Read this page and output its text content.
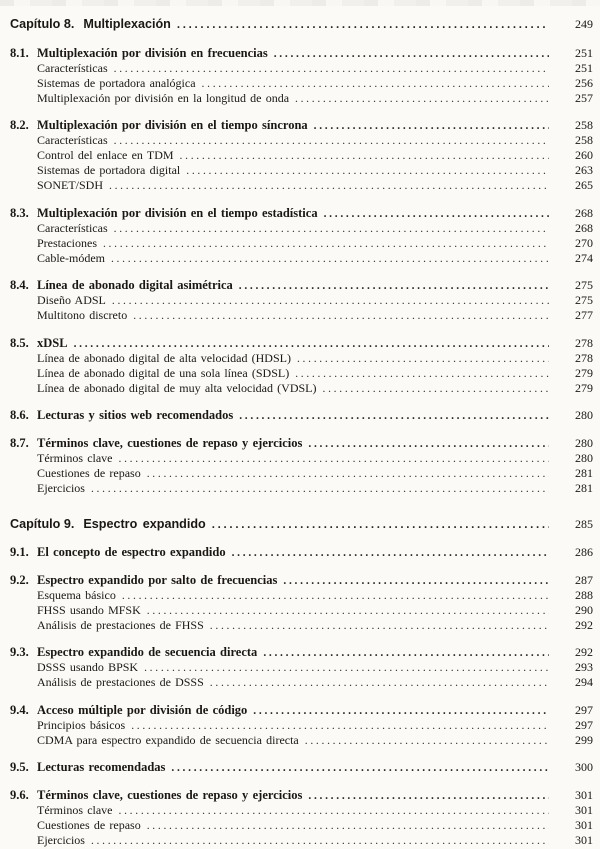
Capítulo 8. Multiplexación .....	249
8.1. Multiplexación por división en frecuencias .....	251
Características .....	251
Sistemas de portadora analógica .....	256
Multiplexación por división en la longitud de onda .....	257
8.2. Multiplexación por división en el tiempo síncrona .....	258
Características .....	258
Control del enlace en TDM .....	260
Sistemas de portadora digital .....	263
SONET/SDH .....	265
8.3. Multiplexación por división en el tiempo estadística .....	268
Características .....	268
Prestaciones .....	270
Cable-módem .....	274
8.4. Línea de abonado digital asimétrica .....	275
Diseño ADSL .....	275
Multitono discreto .....	277
8.5. xDSL .....	278
Línea de abonado digital de alta velocidad (HDSL) .....	278
Línea de abonado digital de una sola línea (SDSL) .....	279
Línea de abonado digital de muy alta velocidad (VDSL) .....	279
8.6. Lecturas y sitios web recomendados .....	280
8.7. Términos clave, cuestiones de repaso y ejercicios .....	280
Términos clave .....	280
Cuestiones de repaso .....	281
Ejercicios .....	281
Capítulo 9. Espectro expandido .....	285
9.1. El concepto de espectro expandido .....	286
9.2. Espectro expandido por salto de frecuencias .....	287
Esquema básico .....	288
FHSS usando MFSK .....	290
Análisis de prestaciones de FHSS .....	292
9.3. Espectro expandido de secuencia directa .....	292
DSSS usando BPSK .....	293
Análisis de prestaciones de DSSS .....	294
9.4. Acceso múltiple por división de código .....	297
Principios básicos .....	297
CDMA para espectro expandido de secuencia directa .....	299
9.5. Lecturas recomendadas .....	300
9.6. Términos clave, cuestiones de repaso y ejercicios .....	301
Términos clave .....	301
Cuestiones de repaso .....	301
Ejercicios .....	301
